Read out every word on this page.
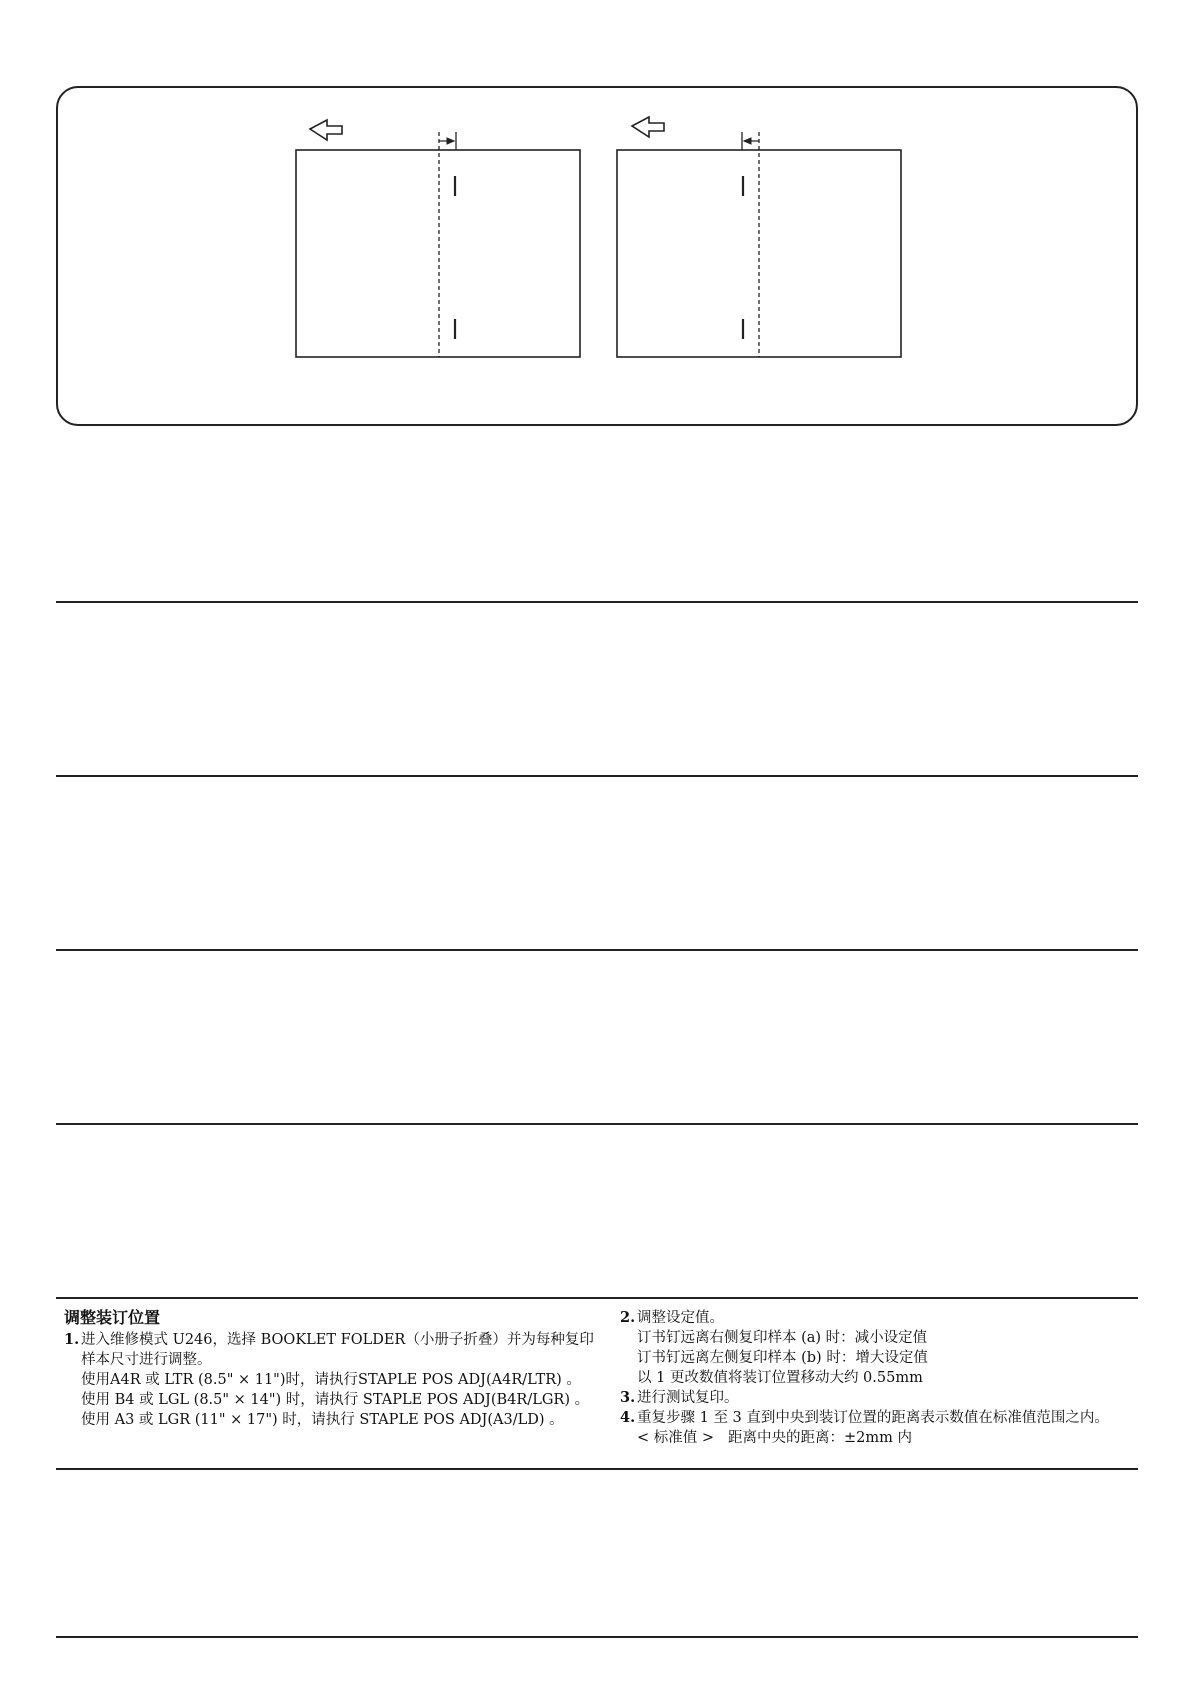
调整装订位置
1. 进入维修模式 U246，选择 BOOKLET FOLDER（小册子折叠）并为每种复印样本尺寸进行调整。
使用A4R 或 LTR (8.5" × 11")时，请执行STAPLE POS ADJ(A4R/LTR) 。
使用 B4 或 LGL (8.5" × 14") 时，请执行 STAPLE POS ADJ(B4R/LGR) 。
使用 A3 或 LGR (11" × 17") 时，请执行 STAPLE POS ADJ(A3/LD) 。
2. 调整设定值。
订书钉远离右侧复印样本 (a) 时：减小设定值
订书钉远离左侧复印样本 (b) 时：增大设定值
以 1 更改数值将装订位置移动大约 0.55mm
3. 进行测试复印。
4. 重复步骤 1 至 3 直到中央到装订位置的距离表示数值在标准值范围之内。
< 标准值 > 距离中央的距离：±2mm 内
